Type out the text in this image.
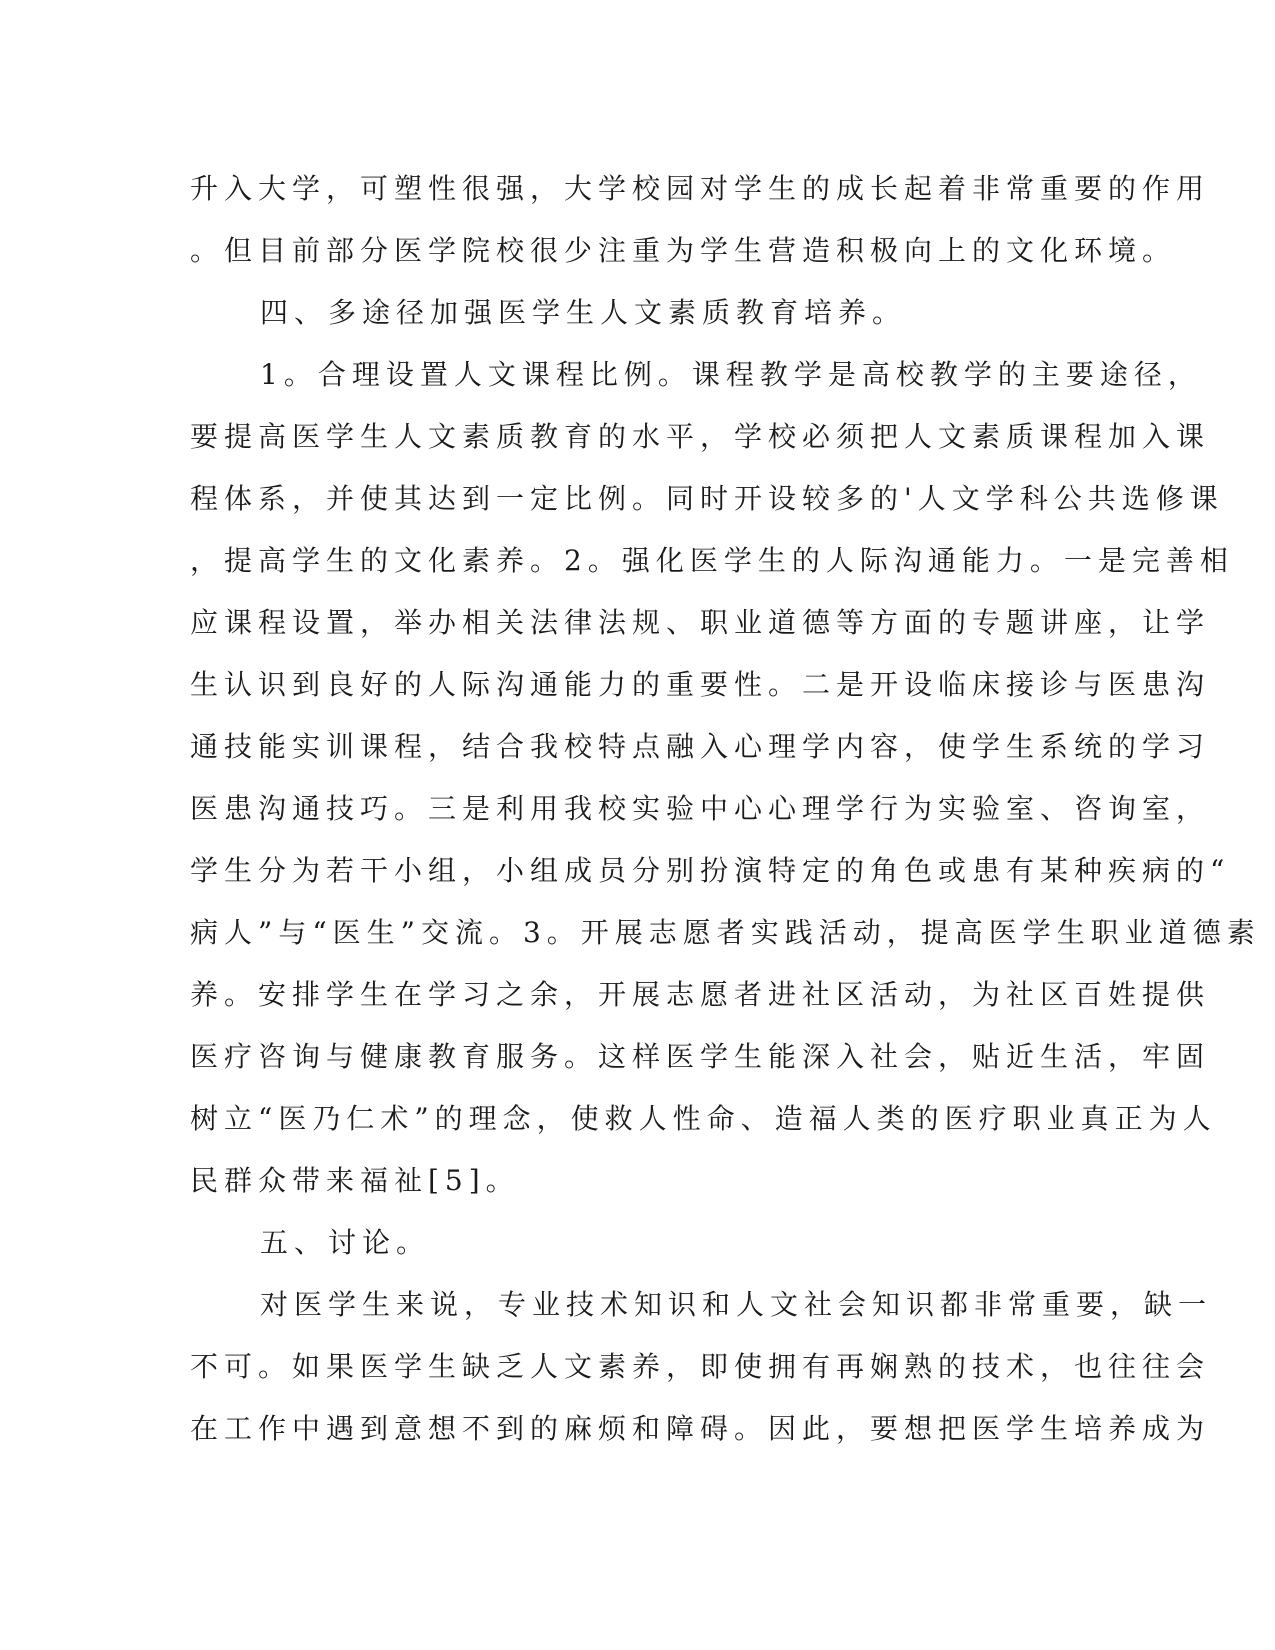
升入大学，可塑性很强，大学校园对学生的成长起着非常重要的作用
。但目前部分医学院校很少注重为学生营造积极向上的文化环境。
四、多途径加强医学生人文素质教育培养。
1。合理设置人文课程比例。课程教学是高校教学的主要途径，
要提高医学生人文素质教育的水平，学校必须把人文素质课程加入课
程体系，并使其达到一定比例。同时开设较多的'人文学科公共选修课
，提高学生的文化素养。2。强化医学生的人际沟通能力。一是完善相
应课程设置，举办相关法律法规、职业道德等方面的专题讲座，让学
生认识到良好的人际沟通能力的重要性。二是开设临床接诊与医患沟
通技能实训课程，结合我校特点融入心理学内容，使学生系统的学习
医患沟通技巧。三是利用我校实验中心心理学行为实验室、咨询室，
学生分为若干小组，小组成员分别扮演特定的角色或患有某种疾病的“
病人”与“医生”交流。3。开展志愿者实践活动，提高医学生职业道德素
养。安排学生在学习之余，开展志愿者进社区活动，为社区百姓提供
医疗咨询与健康教育服务。这样医学生能深入社会，贴近生活，牢固
树立“医乃仁术”的理念，使救人性命、造福人类的医疗职业真正为人
民群众带来福祉[5]。
五、讨论。
对医学生来说，专业技术知识和人文社会知识都非常重要，缺一
不可。如果医学生缺乏人文素养，即使拥有再娴熟的技术，也往往会
在工作中遇到意想不到的麻烦和障碍。因此，要想把医学生培养成为
